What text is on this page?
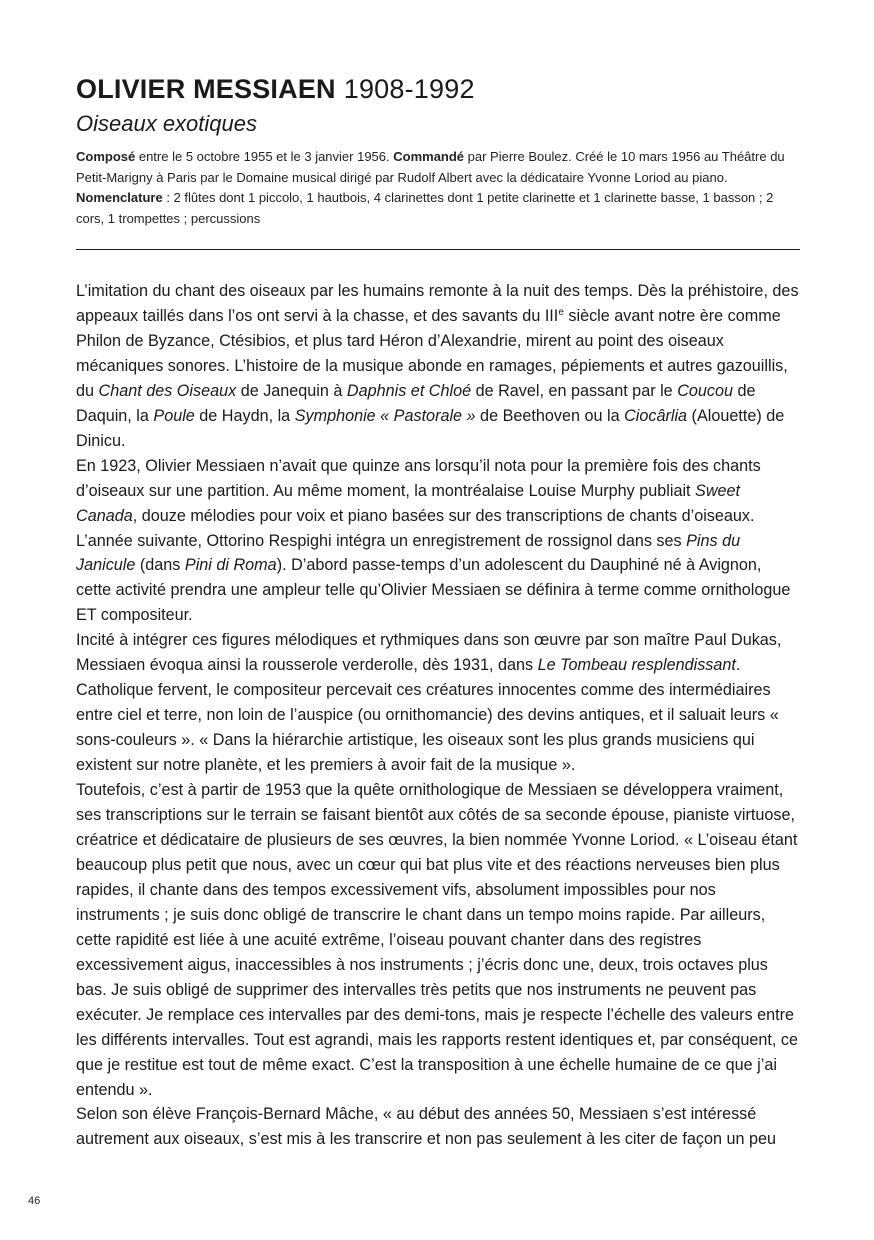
OLIVIER MESSIAEN 1908-1992
Oiseaux exotiques
Composé entre le 5 octobre 1955 et le 3 janvier 1956. Commandé par Pierre Boulez. Créé le 10 mars 1956 au Théâtre du Petit-Marigny à Paris par le Domaine musical dirigé par Rudolf Albert avec la dédicataire Yvonne Loriod au piano. Nomenclature : 2 flûtes dont 1 piccolo, 1 hautbois, 4 clarinettes dont 1 petite clarinette et 1 clarinette basse, 1 basson ; 2 cors, 1 trompettes ; percussions

L’imitation du chant des oiseaux par les humains remonte à la nuit des temps. Dès la préhistoire, des appeaux taillés dans l’os ont servi à la chasse, et des savants du IIIe siècle avant notre ère comme Philon de Byzance, Ctésibios, et plus tard Héron d’Alexandrie, mirent au point des oiseaux mécaniques sonores. L’histoire de la musique abonde en ramages, pépiements et autres gazouillis, du Chant des Oiseaux de Janequin à Daphnis et Chloé de Ravel, en passant par le Coucou de Daquin, la Poule de Haydn, la Symphonie « Pastorale » de Beethoven ou la Ciocârlia (Alouette) de Dinicu.

En 1923, Olivier Messiaen n’avait que quinze ans lorsqu’il nota pour la première fois des chants d’oiseaux sur une partition. Au même moment, la montréalaise Louise Murphy publiait Sweet Canada, douze mélodies pour voix et piano basées sur des transcriptions de chants d’oiseaux. L’année suivante, Ottorino Respighi intégra un enregistrement de rossignol dans ses Pins du Janicule (dans Pini di Roma). D’abord passe-temps d’un adolescent du Dauphiné né à Avignon, cette activité prendra une ampleur telle qu’Olivier Messiaen se définira à terme comme ornithologue ET compositeur.

Incité à intégrer ces figures mélodiques et rythmiques dans son œuvre par son maître Paul Dukas, Messiaen évoqua ainsi la rousserole verderolle, dès 1931, dans Le Tombeau resplendissant. Catholique fervent, le compositeur percevait ces créatures innocentes comme des intermédiaires entre ciel et terre, non loin de l’auspice (ou ornithomancie) des devins antiques, et il saluait leurs « sons-couleurs ». « Dans la hiérarchie artistique, les oiseaux sont les plus grands musiciens qui existent sur notre planète, et les premiers à avoir fait de la musique ».

Toutefois, c’est à partir de 1953 que la quête ornithologique de Messiaen se développera vraiment, ses transcriptions sur le terrain se faisant bientôt aux côtés de sa seconde épouse, pianiste virtuose, créatrice et dédicataire de plusieurs de ses œuvres, la bien nommée Yvonne Loriod. « L’oiseau étant beaucoup plus petit que nous, avec un cœur qui bat plus vite et des réactions nerveuses bien plus rapides, il chante dans des tempos excessivement vifs, absolument impossibles pour nos instruments ; je suis donc obligé de transcrire le chant dans un tempo moins rapide. Par ailleurs, cette rapidité est liée à une acuité extrême, l’oiseau pouvant chanter dans des registres excessivement aigus, inaccessibles à nos instruments ; j’écris donc une, deux, trois octaves plus bas. Je suis obligé de supprimer des intervalles très petits que nos instruments ne peuvent pas exécuter. Je remplace ces intervalles par des demi-tons, mais je respecte l’échelle des valeurs entre les différents intervalles. Tout est agrandi, mais les rapports restent identiques et, par conséquent, ce que je restitue est tout de même exact. C’est la transposition à une échelle humaine de ce que j’ai entendu ».

Selon son élève François-Bernard Mâche, « au début des années 50, Messiaen s’est intéressé autrement aux oiseaux, s’est mis à les transcrire et non pas seulement à les citer de façon un peu

46
